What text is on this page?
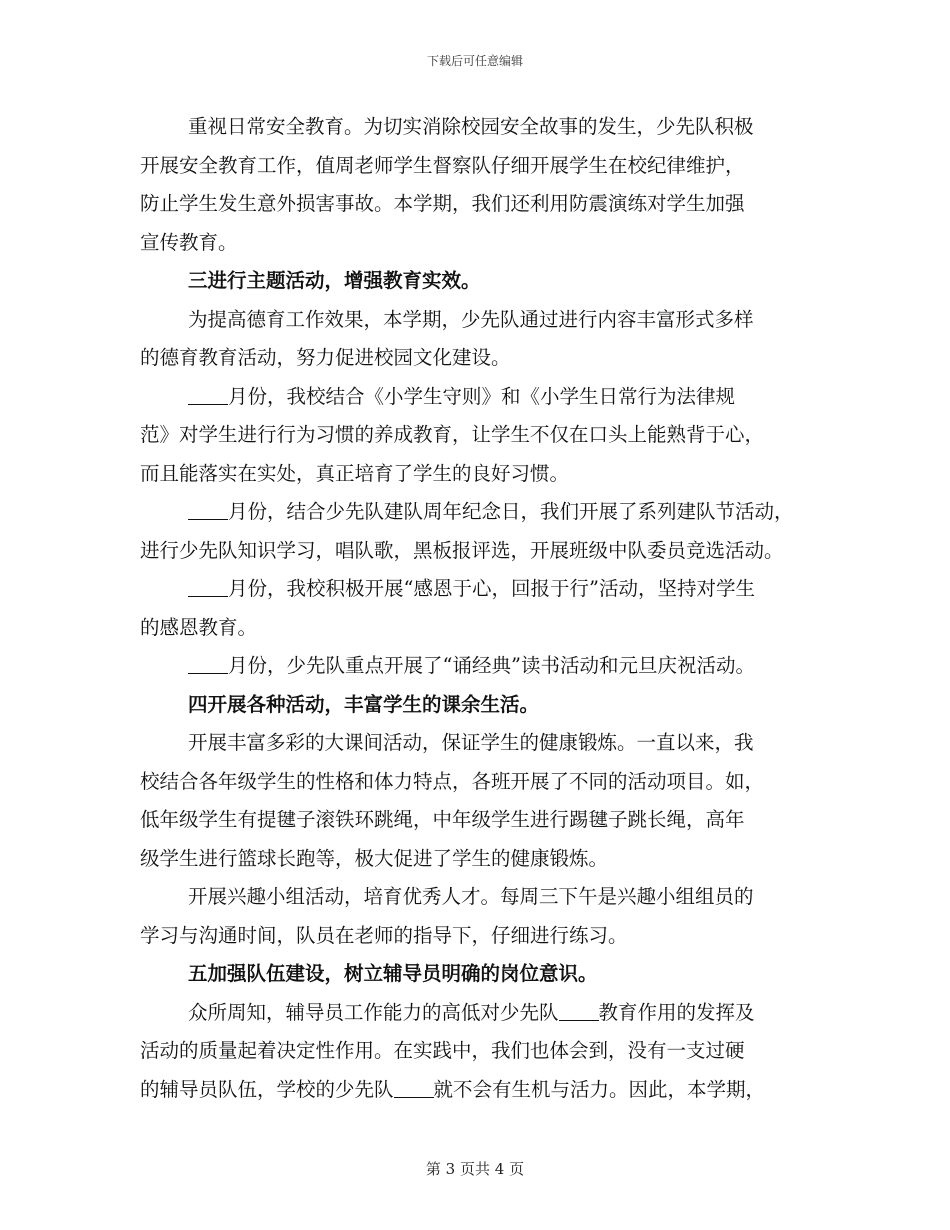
下载后可任意编辑
重视日常安全教育。为切实消除校园安全故事的发生，少先队积极
开展安全教育工作，值周老师学生督察队仔细开展学生在校纪律维护，
防止学生发生意外损害事故。本学期，我们还利用防震演练对学生加强
宣传教育。
三进行主题活动，增强教育实效。
为提高德育工作效果，本学期，少先队通过进行内容丰富形式多样
的德育教育活动，努力促进校园文化建设。
月份，我校结合《小学生守则》和《小学生日常行为法律规
范》对学生进行行为习惯的养成教育，让学生不仅在口头上能熟背于心，
而且能落实在实处，真正培育了学生的良好习惯。
月份，结合少先队建队周年纪念日，我们开展了系列建队节活动，
进行少先队知识学习，唱队歌，黑板报评选，开展班级中队委员竞选活动。
月份，我校积极开展“感恩于心，回报于行”活动，坚持对学生
的感恩教育。
月份，少先队重点开展了“诵经典”读书活动和元旦庆祝活动。
四开展各种活动，丰富学生的课余生活。
开展丰富多彩的大课间活动，保证学生的健康锻炼。一直以来，我
校结合各年级学生的性格和体力特点，各班开展了不同的活动项目。如，
低年级学生有提毽子滚铁环跳绳，中年级学生进行踢毽子跳长绳，高年
级学生进行篮球长跑等，极大促进了学生的健康锻炼。
开展兴趣小组活动，培育优秀人才。每周三下午是兴趣小组组员的
学习与沟通时间，队员在老师的指导下，仔细进行练习。
五加强队伍建设，树立辅导员明确的岗位意识。
众所周知，辅导员工作能力的高低对少先队 教育作用的发挥及
活动的质量起着决定性作用。在实践中，我们也体会到，没有一支过硬
的辅导员队伍，学校的少先队 就不会有生机与活力。因此，本学期，
第 3 页共 4 页
